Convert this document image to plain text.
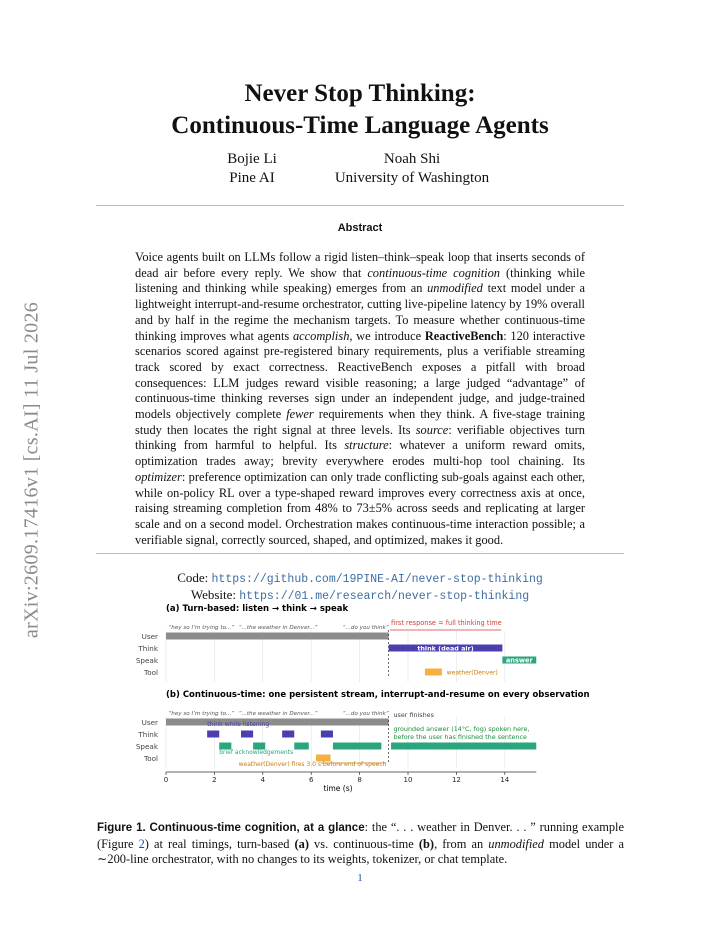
arXiv:2609.17416v1 [cs.AI] 11 Jul 2026
Never Stop Thinking:
Continuous-Time Language Agents
Bojie Li
Pine AI
Noah Shi
University of Washington
Abstract
Voice agents built on LLMs follow a rigid listen–think–speak loop that inserts seconds of dead air before every reply. We show that continuous-time cognition (thinking while listening and thinking while speaking) emerges from an unmodified text model under a lightweight interrupt-and-resume orchestrator, cutting live-pipeline latency by 19% overall and by half in the regime the mechanism targets. To measure whether continuous-time thinking improves what agents accomplish, we introduce ReactiveBench: 120 interactive scenarios scored against pre-registered binary requirements, plus a verifiable streaming track scored by exact correctness. ReactiveBench exposes a pitfall with broad consequences: LLM judges reward visible reasoning; a large judged “advantage” of continuous-time thinking reverses sign under an independent judge, and judge-trained models objectively complete fewer requirements when they think. A five-stage training study then locates the right signal at three levels. Its source: verifiable objectives turn thinking from harmful to helpful. Its structure: whatever a uniform reward omits, optimization trades away; brevity everywhere erodes multi-hop tool chaining. Its optimizer: preference optimization can only trade conflicting sub-goals against each other, while on-policy RL over a type-shaped reward improves every correctness axis at once, raising streaming completion from 48% to 73±5% across seeds and replicating at larger scale and on a second model. Orchestration makes continuous-time interaction possible; a verifiable signal, correctly sourced, shaped, and optimized, makes it good.
Code: https://github.com/19PINE-AI/never-stop-thinking
Website: https://01.me/research/never-stop-thinking
(a) Turn-based: listen → think → speak
User
Think
Speak
Tool
“hey so I’m trying to...” “...the weather in Denver...”	“...do you think”
first response = full thinking time
think (dead air)
answer
weather(Denver)
(b) Continuous-time: one persistent stream, interrupt-and-resume on every observation
User
Think
Speak
Tool
“hey so I’m trying to...” “...the weather in Denver...”	“...do you think” user finishes
think while listening
brief acknowledgements
grounded answer (14°C, fog) spoken here,
before the user has finished the sentence
weather(Denver) fires 3.0 s before end of speech
time (s)
0	2	4	6	8	10	12	14
Figure 1. Continuous-time cognition, at a glance: the “. . . weather in Denver. . . ” running example (Figure 2) at real timings, turn-based (a) vs. continuous-time (b), from an unmodified model under a ∼200-line orchestrator, with no changes to its weights, tokenizer, or chat template.
1
